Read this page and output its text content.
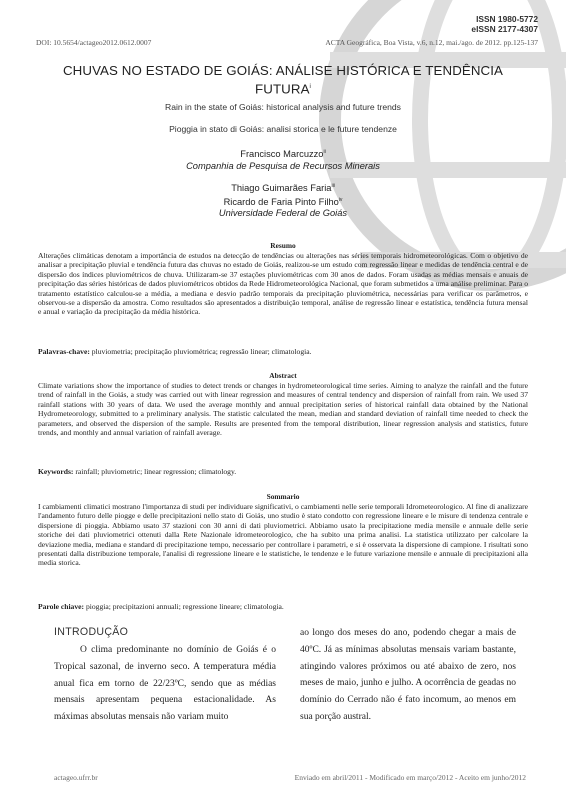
ISSN 1980-5772
eISSN 2177-4307
DOI: 10.5654/actageo2012.0612.0007	ACTA Geográfica, Boa Vista, v.6, n.12, mai./ago. de 2012. pp.125-137
CHUVAS NO ESTADO DE GOIÁS: ANÁLISE HISTÓRICA E TENDÊNCIA
FUTURA$^i$
Rain in the state of Goiás: historical analysis and future trends
Pioggia in stato di Goiás: analisi storica e le future tendenze
Francisco Marcuzzo$^{ii}$
Companhia de Pesquisa de Recursos Minerais
Thiago Guimarães Faria$^{iii}$
Ricardo de Faria Pinto Filho$^{iv}$
Universidade Federal de Goiás
Resumo
Alterações climáticas denotam a importância de estudos na detecção de tendências ou alterações nas séries temporais hidrometeorológicas. Com o objetivo de analisar a precipitação pluvial e tendência futura das chuvas no estado de Goiás, realizou-se um estudo com regressão linear e medidas de tendência central e de dispersão dos índices pluviométricos de chuva. Utilizaram-se 37 estações pluviométricas com 30 anos de dados. Foram usadas as médias mensais e anuais de precipitação das séries históricas de dados pluviométricos obtidos da Rede Hidrometeorológica Nacional, que foram submetidos a uma análise preliminar. Para o tratamento estatístico calculou-se a média, a mediana e desvio padrão temporais da precipitação pluviométrica, necessárias para verificar os parâmetros, e observou-se a dispersão da amostra. Como resultados são apresentados a distribuição temporal, análise de regressão linear e estatística, tendência futura mensal e anual e variação da precipitação da média histórica.
Palavras-chave: pluviometria; precipitação pluviométrica; regressão linear; climatologia.
Abstract
Climate variations show the importance of studies to detect trends or changes in hydrometeorological time series. Aiming to analyze the rainfall and the future trend of rainfall in the Goiás, a study was carried out with linear regression and measures of central tendency and dispersion of rainfall from rain. We used 37 rainfall stations with 30 years of data. We used the average monthly and annual precipitation series of historical rainfall data obtained by the National Hydrometeorology, submitted to a preliminary analysis. The statistic calculated the mean, median and standard deviation of rainfall time needed to check the parameters, and observed the dispersion of the sample. Results are presented from the temporal distribution, linear regression analysis and statistics, future trends, and monthly and annual variation of rainfall average.
Keywords: rainfall; pluviometric; linear regression; climatology.
Sommario
I cambiamenti climatici mostrano l'importanza di studi per individuare significativi, o cambiamenti nelle serie temporali Idrometeorologico. Al fine di analizzare l'andamento futuro delle piogge e delle precipitazioni nello stato di Goiás, uno studio è stato condotto con regressione lineare e le misure di tendenza centrale e dispersione di pioggia. Abbiamo usato 37 stazioni con 30 anni di dati pluviometrici. Abbiamo usato la precipitazione media mensile e annuale delle serie storiche dei dati pluviometrici ottenuti dalla Rete Nazionale idrometeorologico, che ha subito una prima analisi. La statistica utilizzato per calcolare la deviazione media, mediana e standard di precipitazione tempo, necessario per controllare i parametri, e si è osservata la dispersione di campione. I risultati sono presentati dalla distribuzione temporale, l'analisi di regressione lineare e le statistiche, le tendenze e le future variazione mensile e annuale di precipitazioni alla media storica.
Parole chiave: pioggia; precipitazioni annuali; regressione lineare; climatologia.
INTRODUÇÃO
O clima predominante no domínio de Goiás é o Tropical sazonal, de inverno seco. A temperatura média anual fica em torno de 22/23ºC, sendo que as médias mensais apresentam pequena estacionalidade. As máximas absolutas mensais não variam muito
ao longo dos meses do ano, podendo chegar a mais de 40ºC. Já as mínimas absolutas mensais variam bastante, atingindo valores próximos ou até abaixo de zero, nos meses de maio, junho e julho. A ocorrência de geadas no domínio do Cerrado não é fato incomum, ao menos em sua porção austral.
actageo.ufrr.br	Enviado em abril/2011 - Modificado em março/2012 - Aceito em junho/2012
